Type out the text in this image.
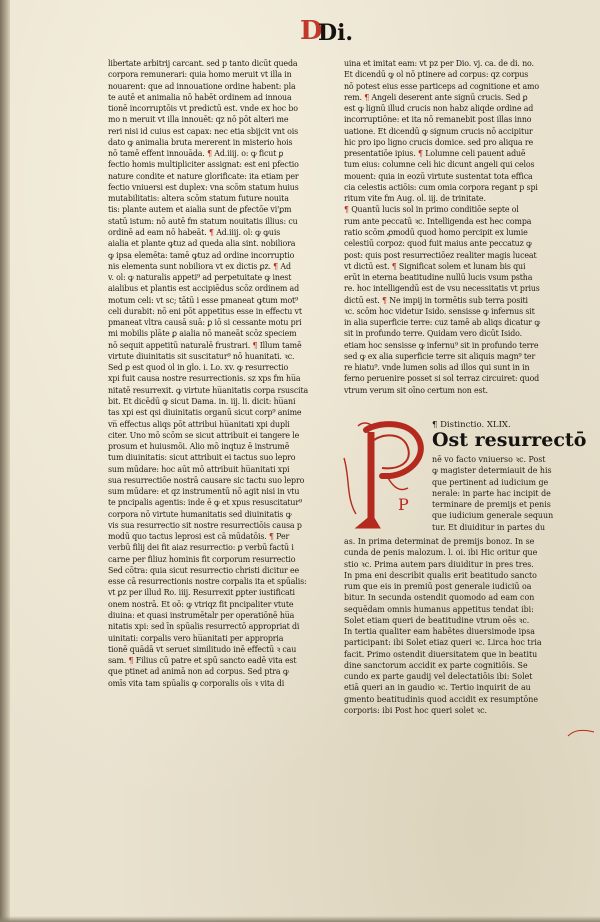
D
Di.
libertate arbitrij carcant. sed p tanto dicūt queda
corpora remunerari: quia homo meruit vt illa in
nouarent: que ad innouatione ordine habent: pla
te autē et animalia nō habēt ordinem ad innoua
tionē incorruptōis vt predictū est. vnde ex hoc bo
mo n meruit vt illa innouēt: qz nō pōt alteri me
reri nisi id cuius est capax: nec etia sbijcit vnt ois
dato ꝙ animalia bruta mererent in misterio hois
nō tamē effent innouāda. ¶ Ad.iiij. o: ꝙ ficut ꝑ
fectio homis multipliciter assignat: est eni pfectio
nature condite et nature glorificate: ita etiam per
fectio vniuersi est duplex: vna scōm statum huius
mutabilitatis: altera scōm statum future nouita
tis: plante autem et aialia sunt de ꝑfectōe vi'ꝑm
statū istum: nō autē fm statum nouitatis illius: cu
ordinē ad eam nō habeāt. ¶ Ad.iiij. ol: ꝙ ꝙuis
aialia et plante ꝙtuz ad queda alia sint. nobiliora
ꝙ ipsa elemēta: tamē ꝙtuz ad ordine incorruptio
nis elementa sunt nobiliora vt ex dictis ꝑz. ¶ Ad
v. ol: ꝙ naturalis appeti⁹ ad perpetuitate ꝙ inest
aialibus et plantis est accipiēdus scōz ordinem ad
motum celi: vt sc; tātū i esse pmaneat ꝙtum mot⁹
celi durabit: nō eni pōt appetitus esse in effectu vt
pmaneat vltra causā suā: ꝑ iō si cessante motu pri
mi mobilis plāte ꝑ aialia nō maneāt scōz speciem
nō sequit appetitū naturalē frustrari. ¶ Illum tamē
virtute diuinitatis sit suscitatur⁹ nō huanitati. ꝛc.
Sed ꝑ est quod ol in glo. i. Lo. xv. ꝙ resurrectio
xpi fuit causa nostre resurrectionis. sz xps fm hu̅a
nitatē resurrexit. ꝙ virtute hu̅anitatis corpa rsuscita
bit. Et dicēdū ꝙ sicut Dama. in. iij. li. dicit: hu̅ani
tas xpi est qsi diuinitatis organū sicut corp⁹ anime
vn̅ effectus aliqs pōt attribui hu̅anitati xpi dupli
citer. Uno mō scōm se sicut attribuit ei tangere le
prosum et huiusmōi. Alio mō inqtuz ē instrumē
tum diuinitatis: sicut attribuit ei tactus suo lepro
sum mūdare: hoc aūt mō attribuit hu̅anitati xpi
sua resurrectiōe nostrā causare sic tactu suo lepro
sum mūdare: et qz instrumentū nō agit nisi in vtu
te pncipalis agentis: inde ē ꝙ et xpus resuscitatur⁹
corpora nō virtute humanitatis sed diuinitatis ꝙ
vis sua resurrectio sit nostre resurrectiōis causa p
modū quo tactus leprosi est cā mūdatōis. ¶ Per
verbū filij dei fit aiaz resurrectio: ꝑ verbū factū i
carne per filiuz hominis fit corporum resurrectio
Sed cōtra: quia sicut resurrectio christi dicitur ee
esse cā resurrectionis nostre corpalis ita et spūalis:
vt ꝑz per illud Ro. iiij. Resurrexit ꝑpter iustificati
onem nostrā. Et oō: ꝙ vtriqz fit pncipaliter vtute
diuina: et quasi instrumētalr per operatiōnē hu̅a
nitatis xpi: sed īn spūalis resurrectō appropriat di
uinitati: corpalis vero hu̅anitati per appropria
tionē quādā vt seruet similitudo inē effectū ꝛ cau
sam. ¶ Filius cū patre et spū sancto eadē vita est
que ptinet ad animā non ad corpus. Sed ptra ꝙ
omīs vita tam spūalis ꝙ corporalis oīs ꝛ vita di
uina et imitat eam: vt pz per Dio. vj. ca. de di. no.
Et dicendū ꝙ ol nō ptinere ad corpus: qz corpus
nō potest eius esse particeps ad cognitione et amo
rem. ¶ Angeli deserent ante signū crucis. Sed ꝑ
est ꝙ lignū illud crucis non habz aliqde ordine ad
incorruptiōne: et ita nō remanebit post illas inno
uatione. Et dicendū ꝙ signum crucis nō accipitur
hic pro ipo ligno crucis domice. sed pro aliqua re
presentatiōe ipius. ¶ Lolumne celi pauent aduē
tum eius: columne celi hic dicunt angeli qui celos
mouent: quia in eozū virtute sustentat tota effica
cia celestis actiōis: cum omia corpora regant p spi
ritum vite fm Aug. ol. iij. de trinitate.
¶ Quantū lucis sol in primo conditiōe septe ol
rum ante peccatū ꝛc. Intelligenda est hec compa
ratio scōm ꝓmodū quod homo percipit ex lumie
celestiū corpoz: quod fuit maius ante peccatuz ꝙ
post: quis post resurrectiōez realiter magis luceat
vt dictū est. ¶ Significat solem et lunam bis qui
erūt in eterna beatitudine nullū lucis vsum pstha
re. hoc intelligendū est de vsu necessitatis vt prius
dictū est. ¶ Ne impij in tormētis sub terra positi
ꝛc. scōm hoc videtur Isido. sensisse ꝙ infernus sit
in alia superficie terre: cuz tamē ab aliqs dicatur ꝙ
sit in profundo terre. Quidam vero dicūt Isido.
etiam hoc sensisse ꝙ infernu⁹ sit in profundo terre
sed ꝙ ex alia superficie terre sit aliquis magn⁹ ter
re hiatu⁹. vnde lumen solis ad illos qui sunt in in
ferno peruenire posset si sol terraz circuiret: quod
vtrum verum sit oīno certum non est.
P
¶ Distinctio. XLIX.
Ost resurrectō
nē vo facto vniuerso ꝛc. Post
ꝙ magister determiauit de his
que pertinent ad iudicium ge
nerale: in parte hac incipit de
terminare de premijs et penis
que iudicium generale sequun
tur. Et diuiditur in partes du
as. In prima determinat de premijs bonoz. In se
cunda de penis malozum. l. oi. ibi Hic oritur que
stio ꝛc. Prima autem pars diuiditur in pres tres.
In pma eni describit qualis erit beatitudo sancto
rum que eis in premiū post generale iudiciū oa
bitur. In secunda ostendit quomodo ad eam con
sequēdam omnis humanus appetitus tendat ibi:
Solet etiam queri de beatitudine vtrum oēs ꝛc.
In tertia qualiter eam habētes diuersimode ipsa
participant: ibi Solet etiaz queri ꝛc. Lirca hoc tria
facit. Primo ostendit diuersitatem que in beatitu
dine sanctorum accidit ex parte cognitiōis. Se
cundo ex parte gaudij vel delectatiōis ibi: Solet
etiā queri an in gaudio ꝛc. Tertio inquirit de au
gmento beatitudinis quod accidit ex resumptōne
corporis: ibi Post hoc queri solet ꝛc.
